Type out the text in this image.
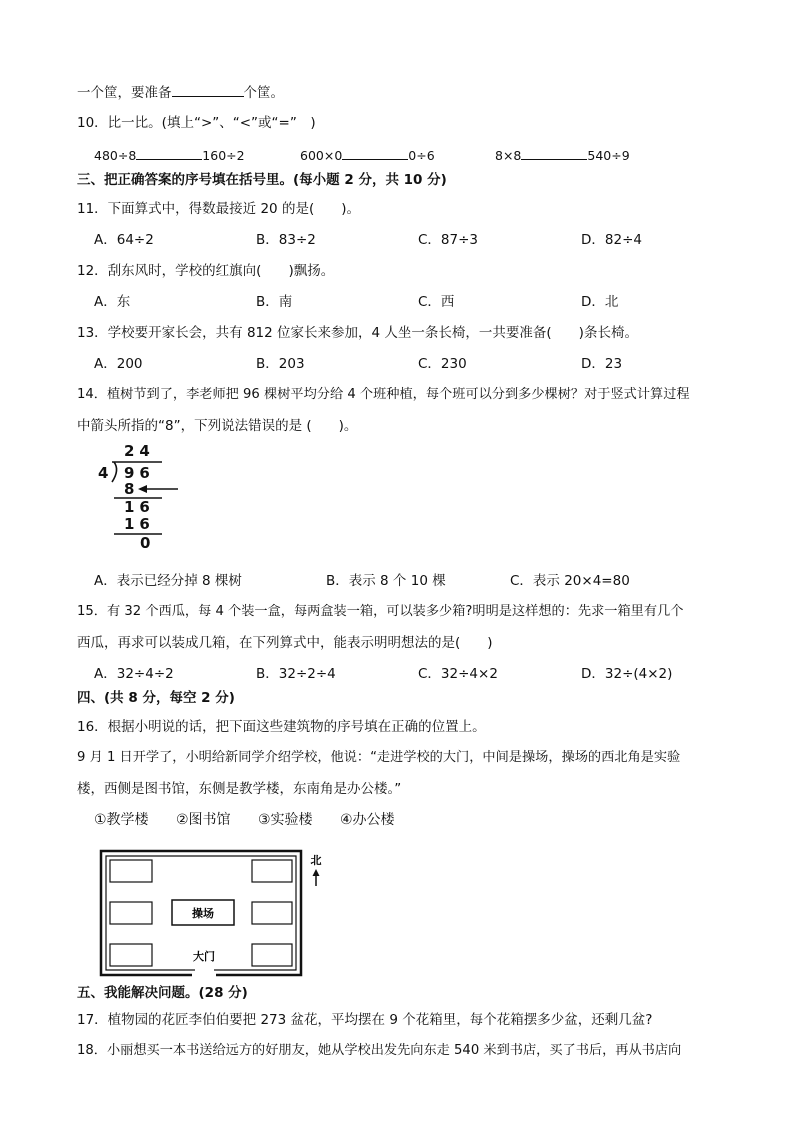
一个筐，要准备	个筐。
10．比一比。(填上“>”、“<”或“=”　)
480÷8	160÷2	600×0	0÷6	8×8	540÷9
三、把正确答案的序号填在括号里。(每小题 2 分，共 10 分)
11．下面算式中，得数最接近 20 的是(　　)。
A．64÷2	B．83÷2	C．87÷3	D．82÷4
12．刮东风时，学校的红旗向(　　)飘扬。
A．东	B．南	C．西	D．北
13．学校要开家长会，共有 812 位家长来参加，4 人坐一条长椅，一共要准备(　　)条长椅。
A．200	B．203	C．230	D．23
14．植树节到了，李老师把 96 棵树平均分给 4 个班种植，每个班可以分到多少棵树？对于竖式计算过程
中箭头所指的“8”，下列说法错误的是 (　　)。
24
4 96
8
16
16
0
A．表示已经分掉 8 棵树	B．表示 8 个 10 棵	C．表示 20×4=80
15．有 32 个西瓜，每 4 个装一盒，每两盒装一箱，可以装多少箱?明明是这样想的：先求一箱里有几个
西瓜，再求可以装成几箱，在下列算式中，能表示明明想法的是(　　)
A．32÷4÷2	B．32÷2÷4	C．32÷4×2	D．32÷(4×2)
四、(共 8 分，每空 2 分)
16．根据小明说的话，把下面这些建筑物的序号填在正确的位置上。
9 月 1 日开学了，小明给新同学介绍学校，他说：“走进学校的大门，中间是操场，操场的西北角是实验
楼，西侧是图书馆，东侧是教学楼，东南角是办公楼。”
①教学楼 ②图书馆 ③实验楼 ④办公楼
操场
大门
北
五、我能解决问题。(28 分)
17．植物园的花匠李伯伯要把 273 盆花，平均摆在 9 个花箱里，每个花箱摆多少盆，还剩几盆?
18．小丽想买一本书送给远方的好朋友，她从学校出发先向东走 540 米到书店，买了书后，再从书店向
